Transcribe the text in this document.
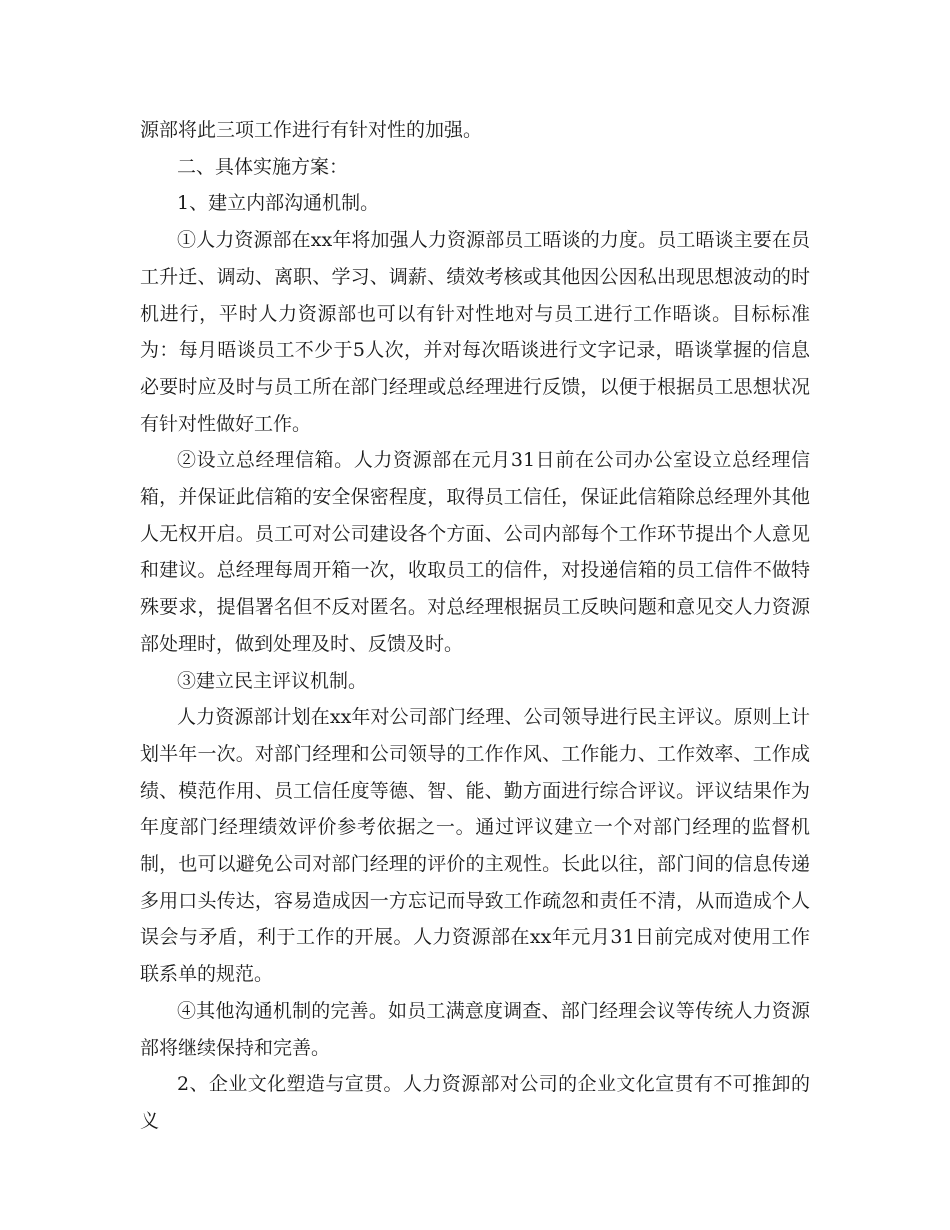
源部将此三项工作进行有针对性的加强。

二、具体实施方案：

1、建立内部沟通机制。

①人力资源部在xx年将加强人力资源部员工晤谈的力度。员工晤谈主要在员工升迁、调动、离职、学习、调薪、绩效考核或其他因公因私出现思想波动的时机进行，平时人力资源部也可以有针对性地对与员工进行工作晤谈。目标标准为：每月晤谈员工不少于5人次，并对每次晤谈进行文字记录，晤谈掌握的信息必要时应及时与员工所在部门经理或总经理进行反馈，以便于根据员工思想状况有针对性做好工作。

②设立总经理信箱。人力资源部在元月31日前在公司办公室设立总经理信箱，并保证此信箱的安全保密程度，取得员工信任，保证此信箱除总经理外其他人无权开启。员工可对公司建设各个方面、公司内部每个工作环节提出个人意见和建议。总经理每周开箱一次，收取员工的信件，对投递信箱的员工信件不做特殊要求，提倡署名但不反对匿名。对总经理根据员工反映问题和意见交人力资源部处理时，做到处理及时、反馈及时。

③建立民主评议机制。

人力资源部计划在xx年对公司部门经理、公司领导进行民主评议。原则上计划半年一次。对部门经理和公司领导的工作作风、工作能力、工作效率、工作成绩、模范作用、员工信任度等德、智、能、勤方面进行综合评议。评议结果作为年度部门经理绩效评价参考依据之一。通过评议建立一个对部门经理的监督机制，也可以避免公司对部门经理的评价的主观性。长此以往，部门间的信息传递多用口头传达，容易造成因一方忘记而导致工作疏忽和责任不清，从而造成个人误会与矛盾，利于工作的开展。人力资源部在xx年元月31日前完成对使用工作联系单的规范。

④其他沟通机制的完善。如员工满意度调查、部门经理会议等传统人力资源部将继续保持和完善。

2、企业文化塑造与宣贯。人力资源部对公司的企业文化宣贯有不可推卸的义
